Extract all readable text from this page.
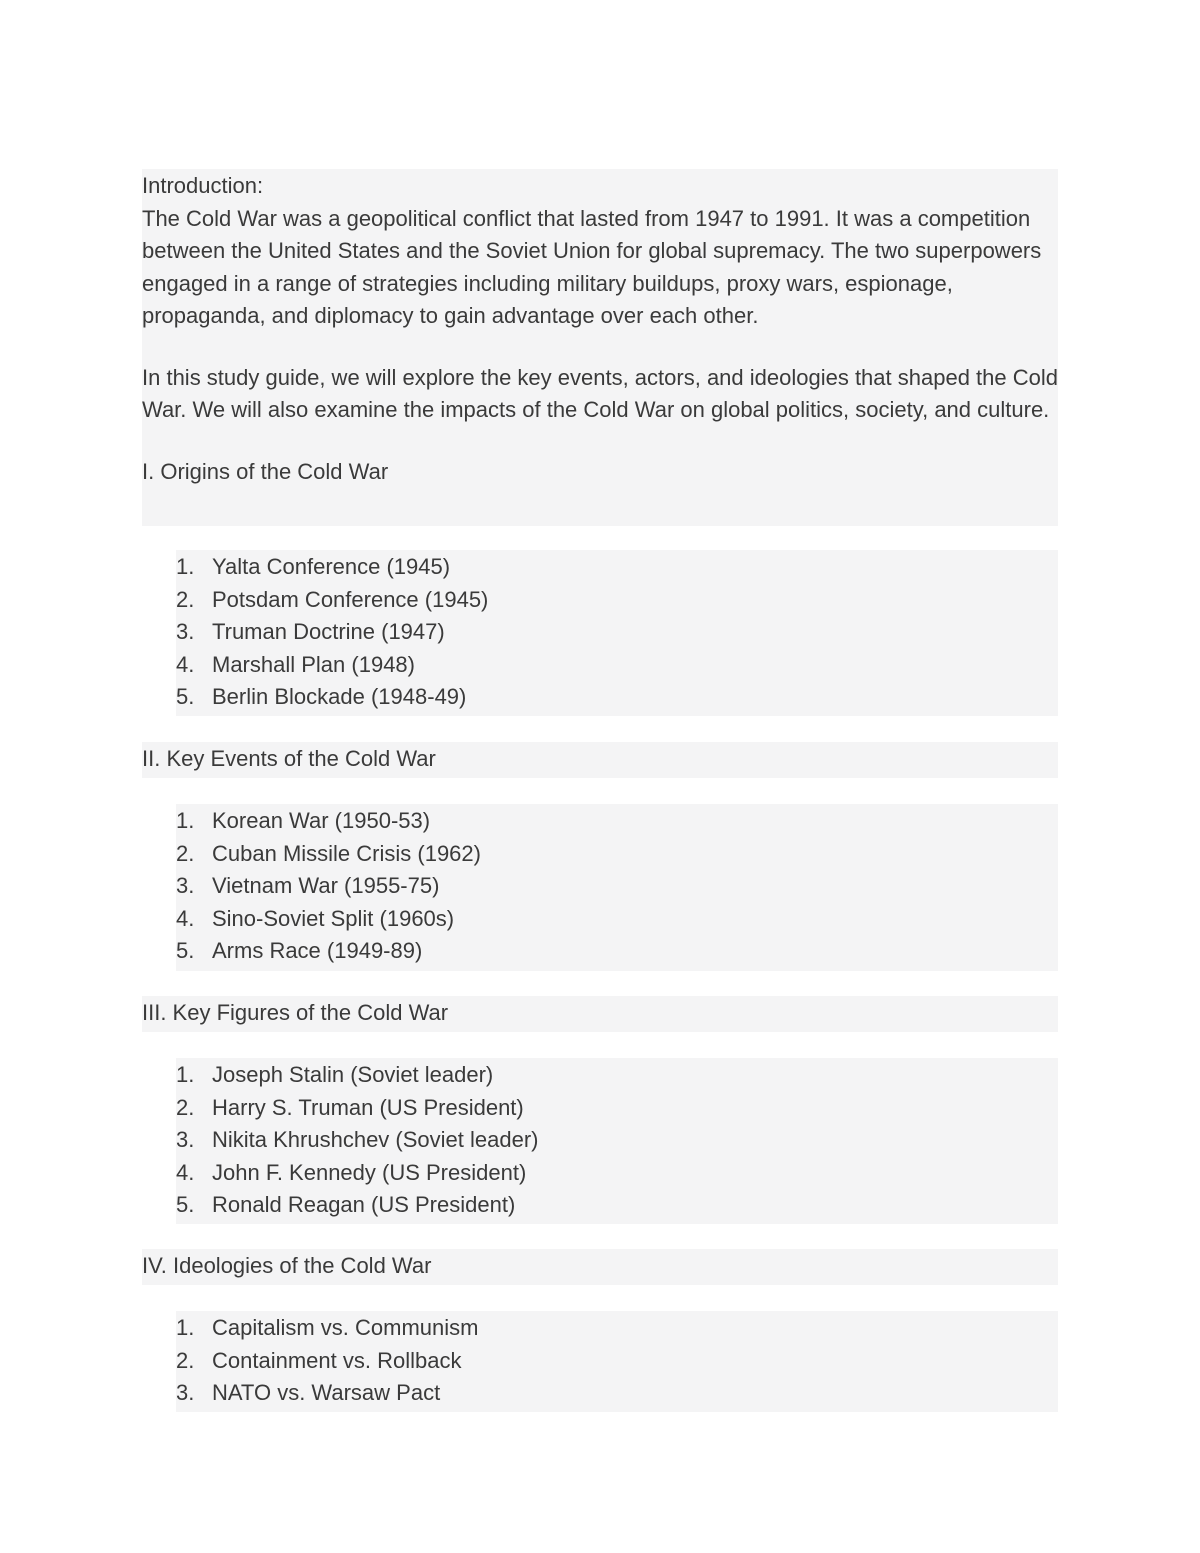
Introduction:

The Cold War was a geopolitical conflict that lasted from 1947 to 1991. It was a competition between the United States and the Soviet Union for global supremacy. The two superpowers engaged in a range of strategies including military buildups, proxy wars, espionage, propaganda, and diplomacy to gain advantage over each other.

In this study guide, we will explore the key events, actors, and ideologies that shaped the Cold War. We will also examine the impacts of the Cold War on global politics, society, and culture.

I. Origins of the Cold War

1. Yalta Conference (1945)
2. Potsdam Conference (1945)
3. Truman Doctrine (1947)
4. Marshall Plan (1948)
5. Berlin Blockade (1948-49)
II. Key Events of the Cold War
1. Korean War (1950-53)
2. Cuban Missile Crisis (1962)
3. Vietnam War (1955-75)
4. Sino-Soviet Split (1960s)
5. Arms Race (1949-89)
III. Key Figures of the Cold War
1. Joseph Stalin (Soviet leader)
2. Harry S. Truman (US President)
3. Nikita Khrushchev (Soviet leader)
4. John F. Kennedy (US President)
5. Ronald Reagan (US President)
IV. Ideologies of the Cold War
1. Capitalism vs. Communism
2. Containment vs. Rollback
3. NATO vs. Warsaw Pact
